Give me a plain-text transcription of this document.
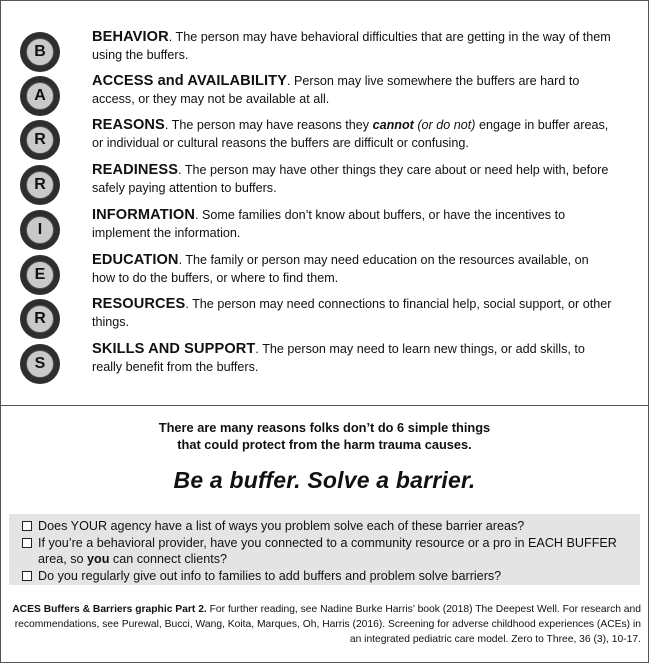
B
BEHAVIOR. The person may have behavioral difficulties that are getting in the way of them using the buffers.
A
ACCESS and AVAILABILITY. Person may live somewhere the buffers are hard to access, or they may not be available at all.
R
REASONS. The person may have reasons they cannot (or do not) engage in buffer areas, or individual or cultural reasons the buffers are difficult or confusing.
R
READINESS. The person may have other things they care about or need help with, before safely paying attention to buffers.
I
INFORMATION. Some families don’t know about buffers, or have the incentives to implement the information.
E
EDUCATION. The family or person may need education on the resources available, on how to do the buffers, or where to find them.
R
RESOURCES. The person may need connections to financial help, social support, or other things.
S
SKILLS AND SUPPORT. The person may need to learn new things, or add skills, to really benefit from the buffers.
There are many reasons folks don’t do 6 simple things
that could protect from the harm trauma causes.
Be a buffer. Solve a barrier.
Does YOUR agency have a list of ways you problem solve each of these barrier areas?
If you’re a behavioral provider, have you connected to a community resource or a pro in EACH BUFFER area, so you can connect clients?
Do you regularly give out info to families to add buffers and problem solve barriers?
ACES Buffers & Barriers graphic Part 2. For further reading, see Nadine Burke Harris’ book (2018) The Deepest Well. For research and
recommendations, see Purewal, Bucci, Wang, Koita, Marques, Oh, Harris (2016). Screening for adverse childhood experiences (ACEs) in
an integrated pediatric care model. Zero to Three, 36 (3), 10-17.
